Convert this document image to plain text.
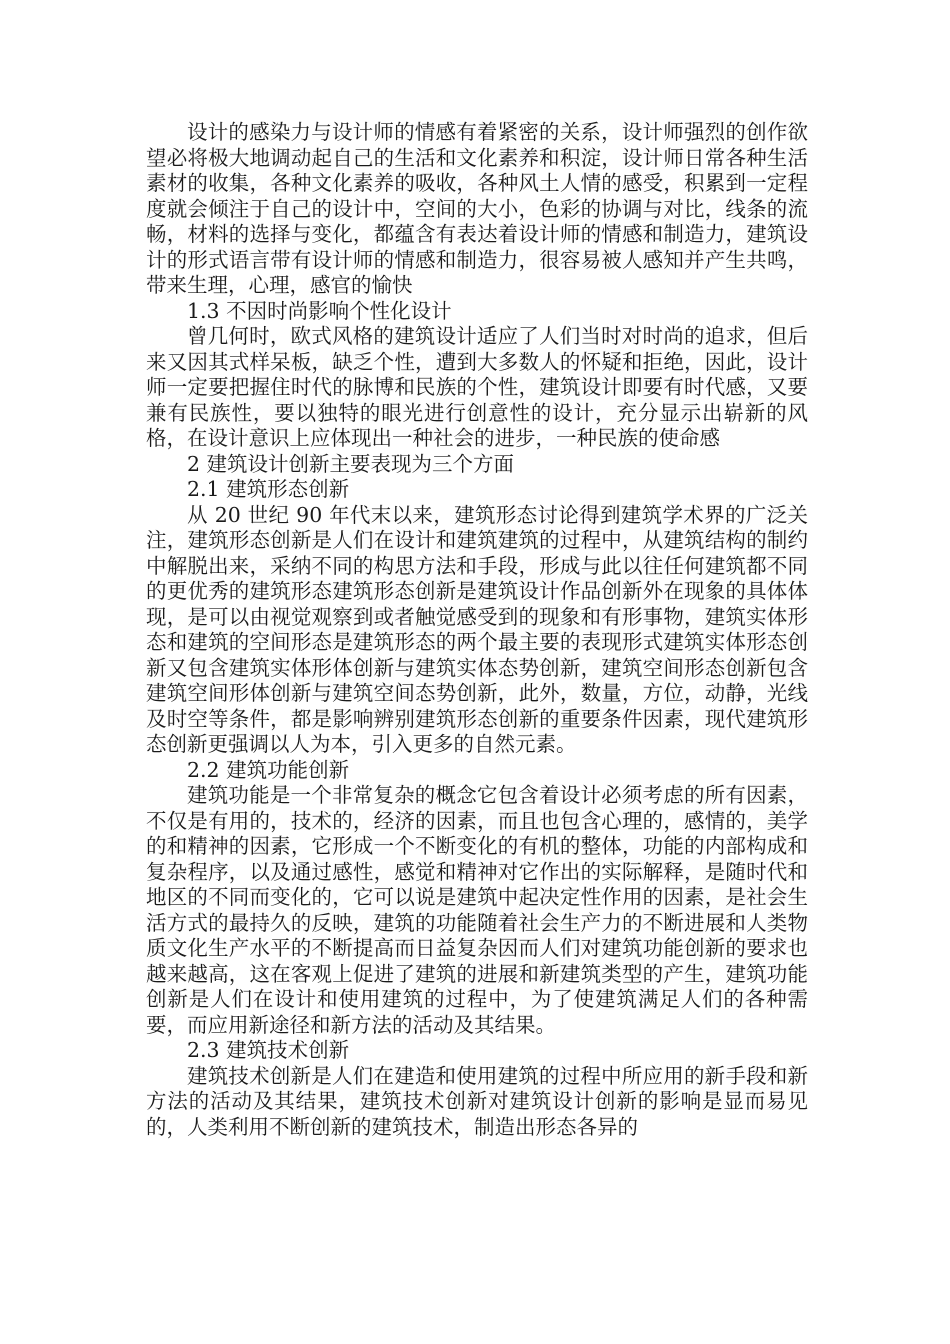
设计的感染力与设计师的情感有着紧密的关系，设计师强烈的创作欲望必将极大地调动起自己的生活和文化素养和积淀，设计师日常各种生活素材的收集，各种文化素养的吸收，各种风土人情的感受，积累到一定程度就会倾注于自己的设计中，空间的大小，色彩的协调与对比，线条的流畅，材料的选择与变化，都蕴含有表达着设计师的情感和制造力，建筑设计的形式语言带有设计师的情感和制造力，很容易被人感知并产生共鸣，带来生理，心理，感官的愉快

1.3 不因时尚影响个性化设计

曾几何时，欧式风格的建筑设计适应了人们当时对时尚的追求，但后来又因其式样呆板，缺乏个性，遭到大多数人的怀疑和拒绝，因此，设计师一定要把握住时代的脉博和民族的个性，建筑设计即要有时代感，又要兼有民族性，要以独特的眼光进行创意性的设计，充分显示出崭新的风格，在设计意识上应体现出一种社会的进步，一种民族的使命感

2 建筑设计创新主要表现为三个方面

2.1 建筑形态创新

从 20 世纪 90 年代末以来，建筑形态讨论得到建筑学术界的广泛关注，建筑形态创新是人们在设计和建筑建筑的过程中，从建筑结构的制约中解脱出来，采纳不同的构思方法和手段，形成与此以往任何建筑都不同的更优秀的建筑形态建筑形态创新是建筑设计作品创新外在现象的具体体现，是可以由视觉观察到或者触觉感受到的现象和有形事物，建筑实体形态和建筑的空间形态是建筑形态的两个最主要的表现形式建筑实体形态创新又包含建筑实体形体创新与建筑实体态势创新，建筑空间形态创新包含建筑空间形体创新与建筑空间态势创新，此外，数量，方位，动静，光线及时空等条件，都是影响辨别建筑形态创新的重要条件因素，现代建筑形态创新更强调以人为本，引入更多的自然元素。

2.2 建筑功能创新

建筑功能是一个非常复杂的概念它包含着设计必须考虑的所有因素，不仅是有用的，技术的，经济的因素，而且也包含心理的，感情的，美学的和精神的因素，它形成一个不断变化的有机的整体，功能的内部构成和复杂程序，以及通过感性，感觉和精神对它作出的实际解释，是随时代和地区的不同而变化的，它可以说是建筑中起决定性作用的因素，是社会生活方式的最持久的反映，建筑的功能随着社会生产力的不断进展和人类物质文化生产水平的不断提高而日益复杂因而人们对建筑功能创新的要求也越来越高，这在客观上促进了建筑的进展和新建筑类型的产生，建筑功能创新是人们在设计和使用建筑的过程中，为了使建筑满足人们的各种需要，而应用新途径和新方法的活动及其结果。

2.3 建筑技术创新

建筑技术创新是人们在建造和使用建筑的过程中所应用的新手段和新方法的活动及其结果，建筑技术创新对建筑设计创新的影响是显而易见的，人类利用不断创新的建筑技术，制造出形态各异的
